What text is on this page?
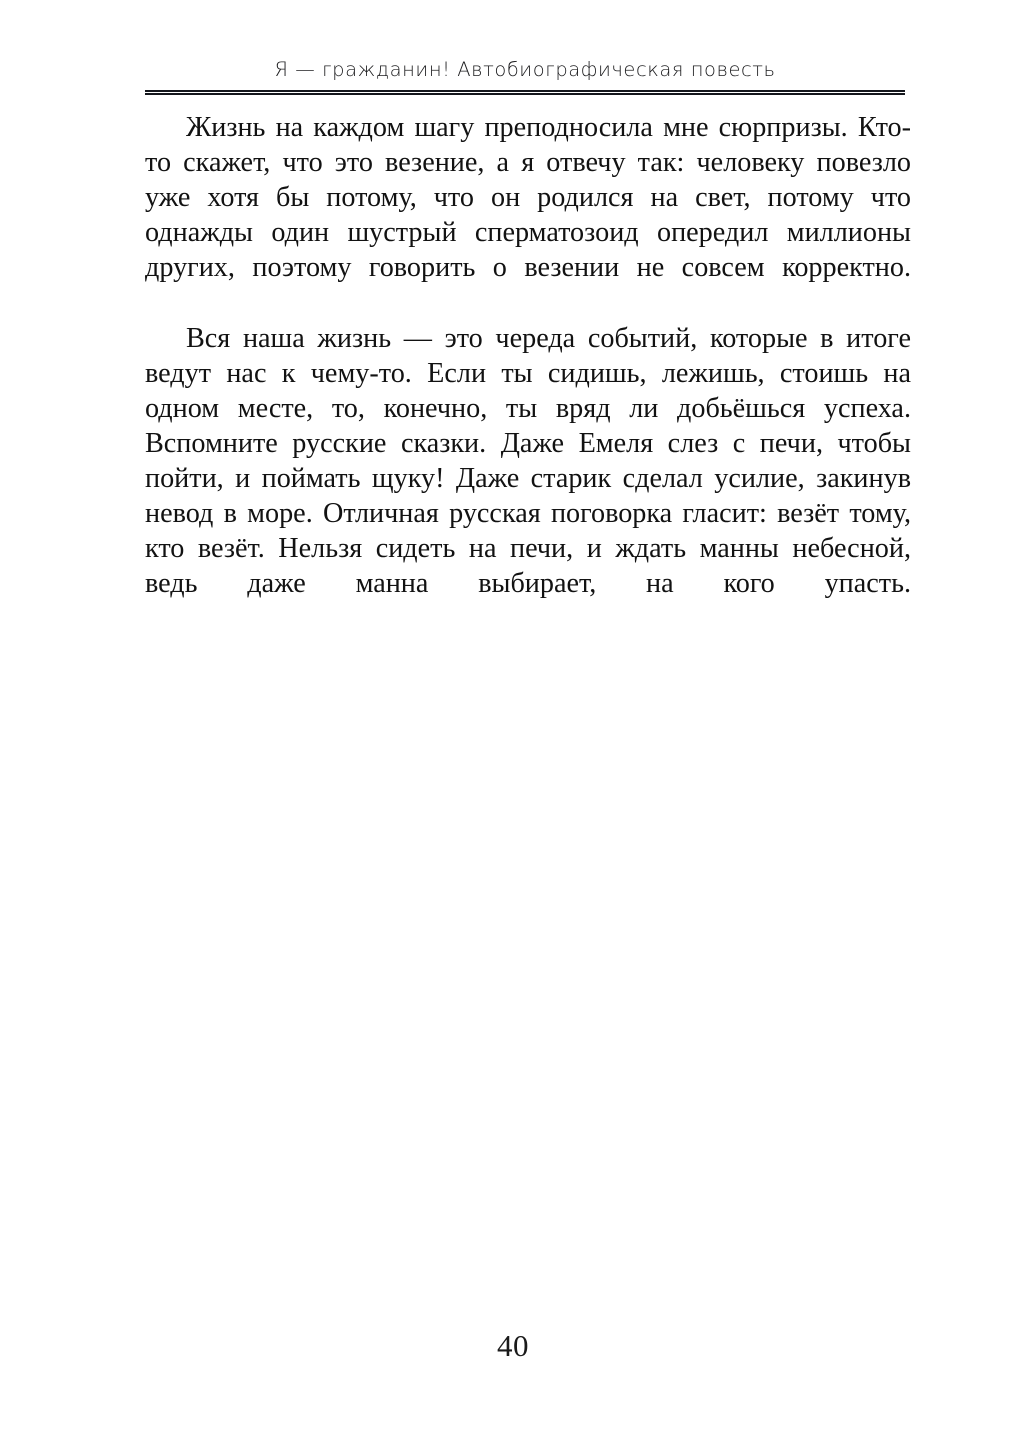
Я — гражданин! Автобиографическая повесть

Жизнь на каждом шагу преподносила мне сюрпризы. Кто-то скажет, что это везение, а я отвечу так: человеку повезло уже хотя бы потому, что он родился на свет, потому что однажды один шустрый сперматозоид опередил миллионы других, поэтому говорить о везении не совсем корректно.

Вся наша жизнь — это череда событий, которые в итоге ведут нас к чему-то. Если ты сидишь, лежишь, стоишь на одном месте, то, конечно, ты вряд ли добьёшься успеха. Вспомните русские сказки. Даже Емеля слез с печи, чтобы пойти, и поймать щуку! Даже старик сделал усилие, закинув невод в море. Отличная русская поговорка гласит: везёт тому, кто везёт. Нельзя сидеть на печи, и ждать манны небесной, ведь даже манна выбирает, на кого упасть.

40
